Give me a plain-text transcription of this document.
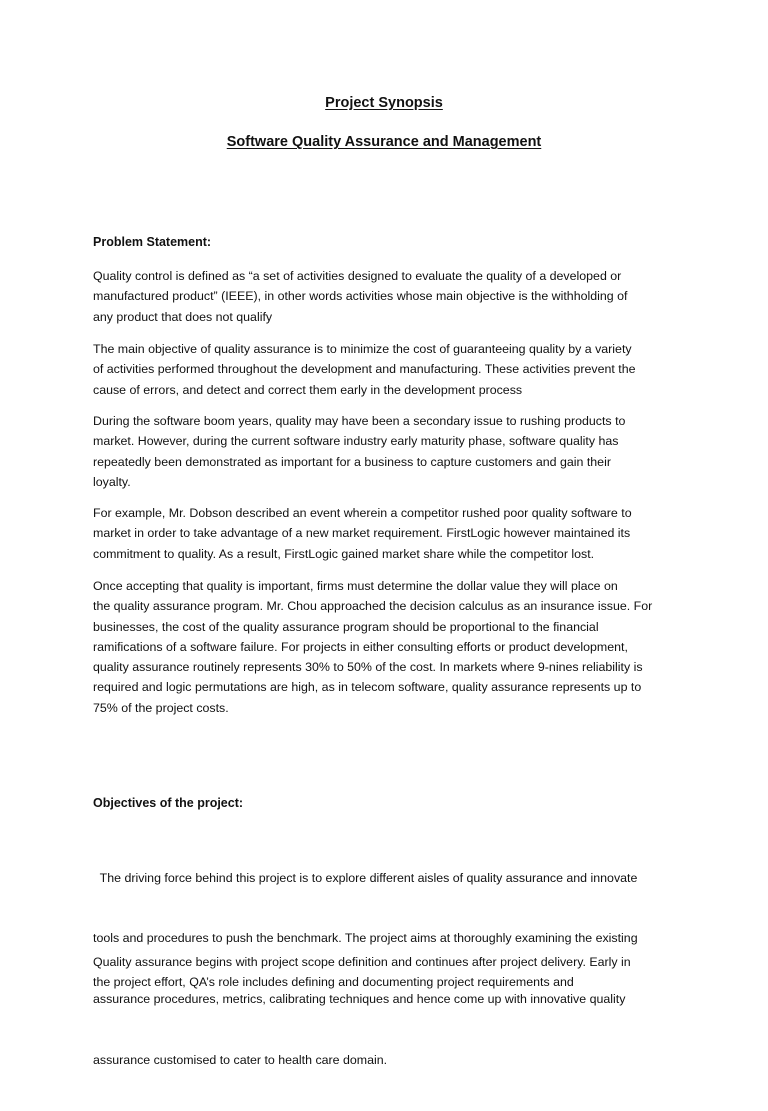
Project Synopsis
Software Quality Assurance and Management
Problem Statement:

Quality control is defined as “a set of activities designed to evaluate the quality of a developed or
manufactured product” (IEEE), in other words activities whose main objective is the withholding of
any product that does not qualify

The main objective of quality assurance is to minimize the cost of guaranteeing quality by a variety
of activities performed throughout the development and manufacturing. These activities prevent the
cause of errors, and detect and correct them early in the development process

During the software boom years, quality may have been a secondary issue to rushing products to
market. However, during the current software industry early maturity phase, software quality has
repeatedly been demonstrated as important for a business to capture customers and gain their
loyalty.

For example, Mr. Dobson described an event wherein a competitor rushed poor quality software to
market in order to take advantage of a new market requirement. FirstLogic however maintained its
commitment to quality. As a result, FirstLogic gained market share while the competitor lost.

Once accepting that quality is important, firms must determine the dollar value they will place on
the quality assurance program. Mr. Chou approached the decision calculus as an insurance issue. For
businesses, the cost of the quality assurance program should be proportional to the financial
ramifications of a software failure. For projects in either consulting efforts or product development,
quality assurance routinely represents 30% to 50% of the cost. In markets where 9-nines reliability is
required and logic permutations are high, as in telecom software, quality assurance represents up to
75% of the project costs.

Objectives of the project:

The driving force behind this project is to explore different aisles of quality assurance and innovate

tools and procedures to push the benchmark. The project aims at thoroughly examining the existing

assurance procedures, metrics, calibrating techniques and hence come up with innovative quality

assurance customised to cater to health care domain.

Quality assurance begins with project scope definition and continues after project delivery. Early in
the project effort, QA’s role includes defining and documenting project requirements and
